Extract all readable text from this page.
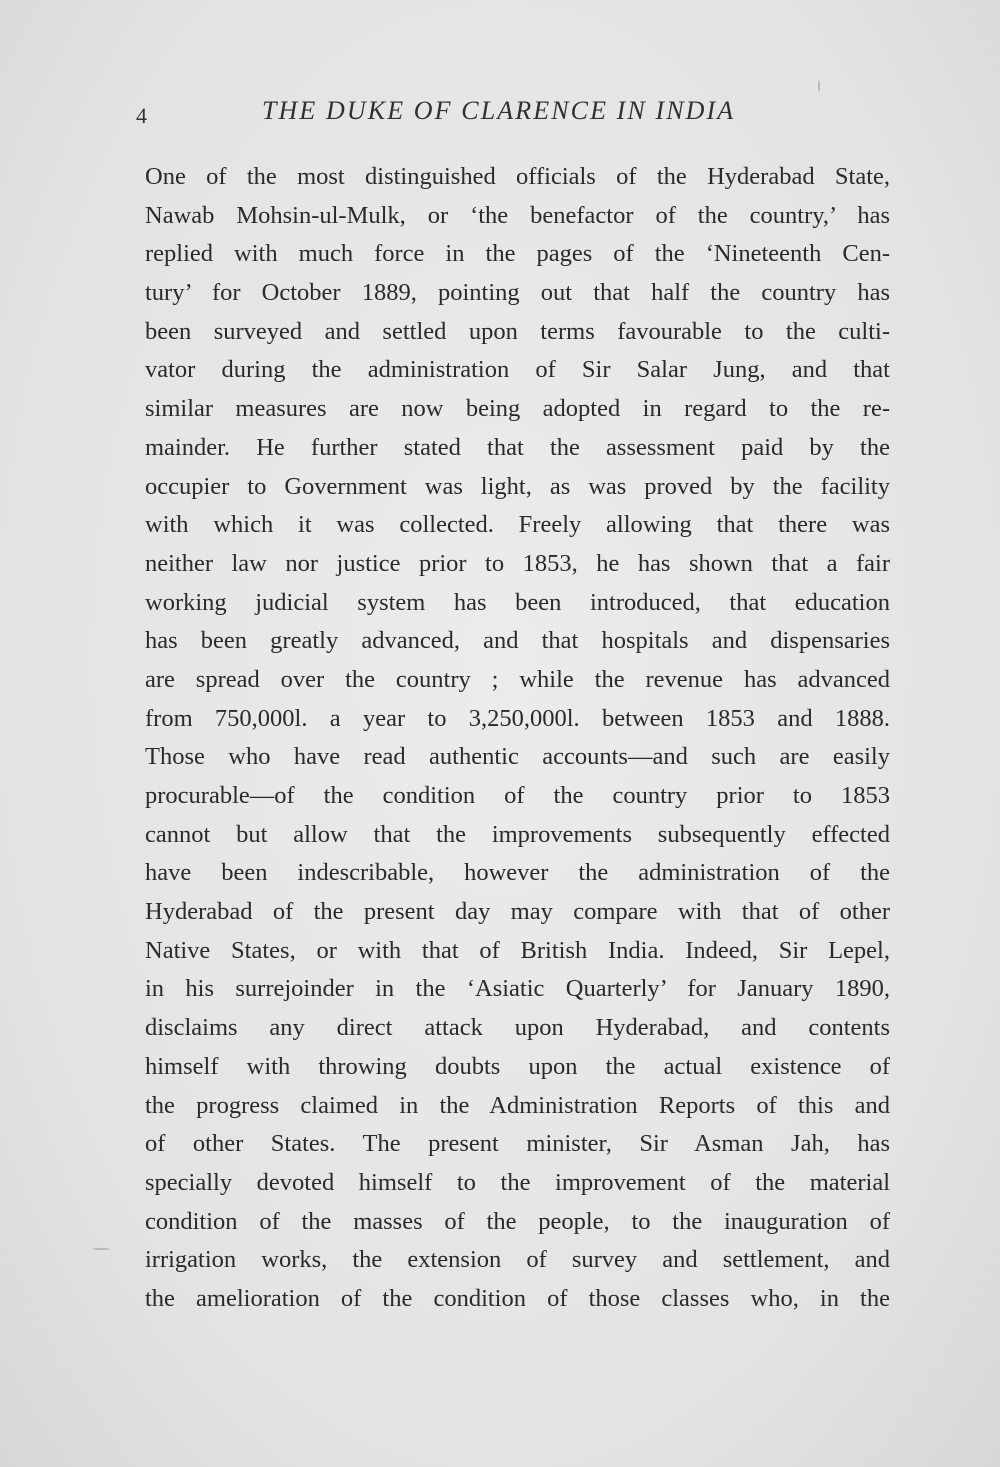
4	THE DUKE OF CLARENCE IN INDIA
One of the most distinguished officials of the Hyderabad State,
Nawab Mohsin-ul-Mulk, or ‘the benefactor of the country,’ has
replied with much force in the pages of the ‘Nineteenth Cen-
tury’ for October 1889, pointing out that half the country has
been surveyed and settled upon terms favourable to the culti-
vator during the administration of Sir Salar Jung, and that
similar measures are now being adopted in regard to the re-
mainder. He further stated that the assessment paid by the
occupier to Government was light, as was proved by the facility
with which it was collected. Freely allowing that there was
neither law nor justice prior to 1853, he has shown that a fair
working judicial system has been introduced, that education
has been greatly advanced, and that hospitals and dispensaries
are spread over the country ; while the revenue has advanced
from 750,000l. a year to 3,250,000l. between 1853 and 1888.
Those who have read authentic accounts—and such are easily
procurable—of the condition of the country prior to 1853
cannot but allow that the improvements subsequently effected
have been indescribable, however the administration of the
Hyderabad of the present day may compare with that of other
Native States, or with that of British India. Indeed, Sir Lepel,
in his surrejoinder in the ‘Asiatic Quarterly’ for January 1890,
disclaims any direct attack upon Hyderabad, and contents
himself with throwing doubts upon the actual existence of
the progress claimed in the Administration Reports of this and
of other States. The present minister, Sir Asman Jah, has
specially devoted himself to the improvement of the material
condition of the masses of the people, to the inauguration of
irrigation works, the extension of survey and settlement, and
the amelioration of the condition of those classes who, in the
